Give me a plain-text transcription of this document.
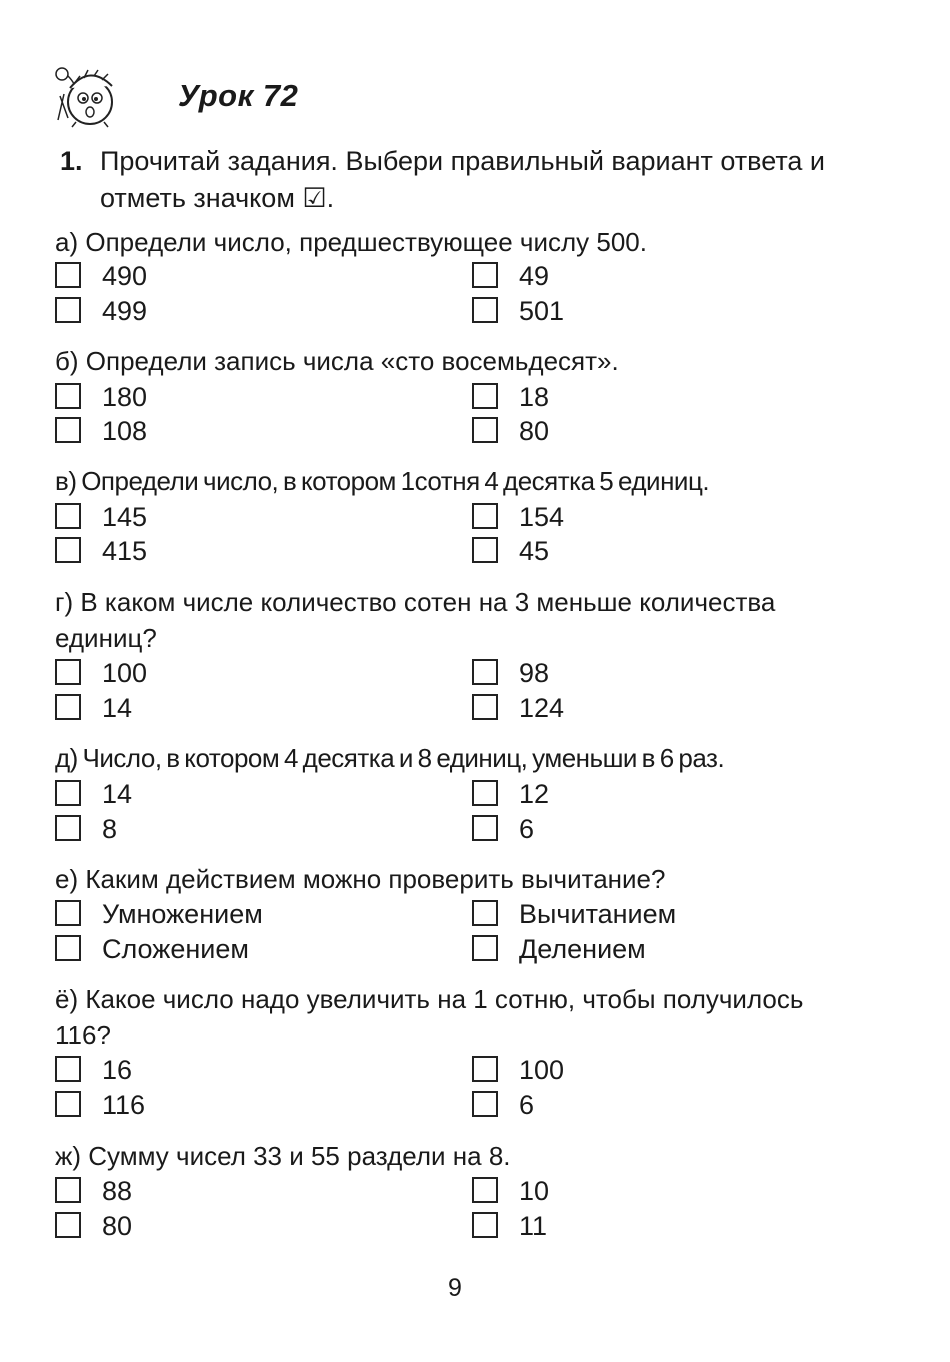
Урок 72
1. Прочитай задания. Выбери правильный вариант ответа и отметь значком ☑.
а) Определи число, предшествующее числу 500.
490	49
499	501
б) Определи запись числа «сто восемьдесят».
180	18
108	80
в) Определи число, в котором 1сотня 4 десятка 5 единиц.
145	154
415	45
г) В каком числе количество сотен на 3 меньше количества единиц?
100	98
14	124
д) Число, в котором 4 десятка и 8 единиц, уменьши в 6 раз.
14	12
8	6
е) Каким действием можно проверить вычитание?
Умножением	Вычитанием
Сложением	Делением
ё) Какое число надо увеличить на 1 сотню, чтобы получилось 116?
16	100
116	6
ж) Сумму чисел 33 и 55 раздели на 8.
88	10
80	11
9
